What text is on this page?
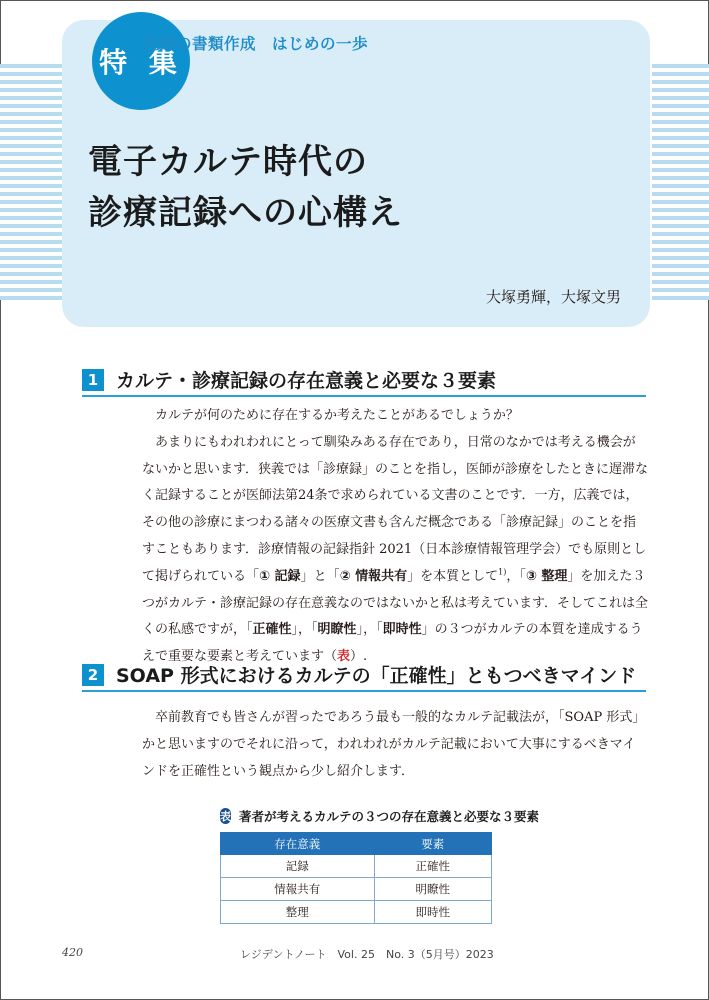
特 集
医師の書類作成　はじめの一歩
電子カルテ時代の
診療記録への心構え
大塚勇輝，大塚文男
1 カルテ・診療記録の存在意義と必要な３要素

カルテが何のために存在するか考えたことがあるでしょうか？

あまりにもわれわれにとって馴染みある存在であり，日常のなかでは考える機会がないかと思います．狭義では「診療録」のことを指し，医師が診療をしたときに遅滞なく記録することが医師法第24条で求められている文書のことです．一方，広義では，その他の診療にまつわる諸々の医療文書も含んだ概念である「診療記録」のことを指すこともあります．診療情報の記録指針 2021（日本診療情報管理学会）でも原則として掲げられている「① 記録」と「② 情報共有」を本質として$^{1)}$，「③ 整理」を加えた３つがカルテ・診療記録の存在意義なのではないかと私は考えています．そしてこれは全くの私感ですが，「正確性」，「明瞭性」，「即時性」の３つがカルテの本質を達成するうえで重要な要素と考えています（表）.

2 SOAP 形式におけるカルテの「正確性」ともつべきマインド

卒前教育でも皆さんが習ったであろう最も一般的なカルテ記載法が，「SOAP 形式」かと思いますのでそれに沿って，われわれがカルテ記載において大事にするべきマインドを正確性という観点から少し紹介します．

表 著者が考えるカルテの３つの存在意義と必要な３要素
存在意義	要素
記録	正確性
情報共有	明瞭性
整理	即時性
420	レジデントノート　Vol. 25　No. 3（5月号）2023
